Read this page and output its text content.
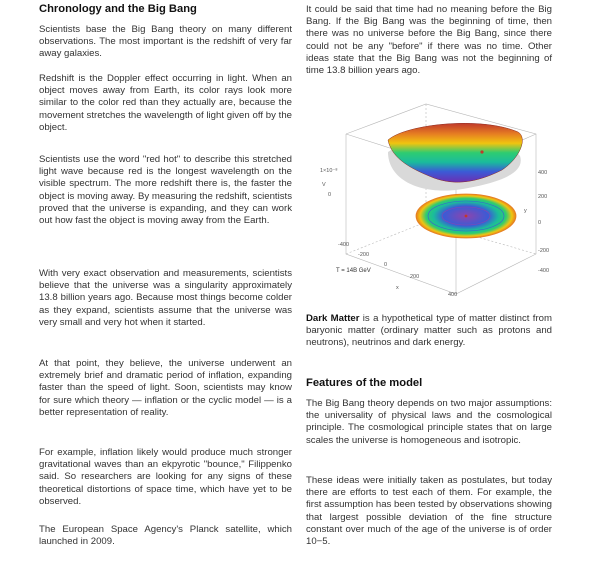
Chronology and the Big Bang

Scientists base the Big Bang theory on many different observations. The most important is the redshift of very far away galaxies.

Redshift is the Doppler effect occurring in light. When an object moves away from Earth, its color rays look more similar to the color red than they actually are, because the movement stretches the wavelength of light given off by the object.

Scientists use the word "red hot" to describe this stretched light wave because red is the longest wavelength on the visible spectrum. The more redshift there is, the faster the object is moving away. By measuring the redshift, scientists proved that the universe is expanding, and they can work out how fast the object is moving away from the Earth.

With very exact observation and measurements, scientists believe that the universe was a singularity approximately 13.8 billion years ago. Because most things become colder as they expand, scientists assume that the universe was very small and very hot when it started.

At that point, they believe, the universe underwent an extremely brief and dramatic period of inflation, expanding faster than the speed of light. Soon, scientists may know for sure which theory — inflation or the cyclic model — is a better representation of reality.

For example, inflation likely would produce much stronger gravitational waves than an ekpyrotic "bounce," Filippenko said. So researchers are looking for any signs of these theoretical distortions of space time, which have yet to be observed.

The European Space Agency's Planck satellite, which launched in 2009.

It could be said that time had no meaning before the Big Bang. If the Big Bang was the beginning of time, then there was no universe before the Big Bang, since there could not be any "before" if there was no time. Other ideas state that the Big Bang was not the beginning of time 13.8 billion years ago.

V
1×10⁻⁸
0
-400
-200
0
200
400
-400
-200
0
200
400
y
x
T = 14B GeV

Dark Matter is a hypothetical type of matter distinct from baryonic matter (ordinary matter such as protons and neutrons), neutrinos and dark energy.

Features of the model

The Big Bang theory depends on two major assumptions: the universality of physical laws and the cosmological principle. The cosmological principle states that on large scales the universe is homogeneous and isotropic.

These ideas were initially taken as postulates, but today there are efforts to test each of them. For example, the first assumption has been tested by observations showing that largest possible deviation of the fine structure constant over much of the age of the universe is of order 10−5.
